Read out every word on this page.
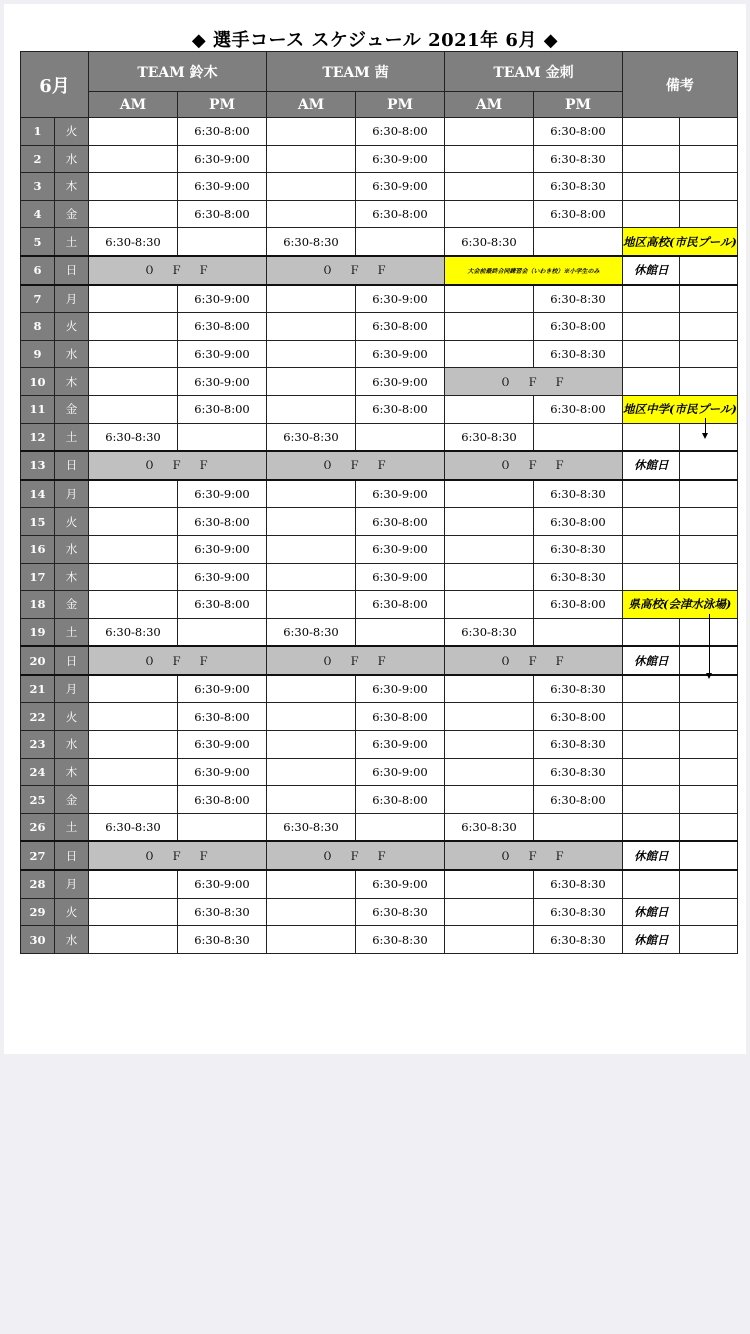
◆ 選手コース スケジュール 2021年 6月 ◆
6月		TEAM 鈴木		TEAM 茜		TEAM 金刺		備考	
		AM	PM	AM	PM	AM	PM		
1	火		6:30-8:00		6:30-8:00		6:30-8:00		
2	水		6:30-9:00		6:30-9:00		6:30-8:30		
3	木		6:30-9:00		6:30-9:00		6:30-8:30		
4	金		6:30-8:00		6:30-8:00		6:30-8:00		
5	土	6:30-8:30		6:30-8:30		6:30-8:30		地区高校(市民プール)	
6	日	０　Ｆ　Ｆ		０　Ｆ　Ｆ		大会前最終合同練習会（いわき校）※小学生のみ		休館日	
7	月		6:30-9:00		6:30-9:00		6:30-8:30		
8	火		6:30-8:00		6:30-8:00		6:30-8:00		
9	水		6:30-9:00		6:30-9:00		6:30-8:30		
10	木		6:30-9:00		6:30-9:00	０　Ｆ　Ｆ			
11	金		6:30-8:00		6:30-8:00		6:30-8:00	地区中学(市民プール)	
12	土	6:30-8:30		6:30-8:30		6:30-8:30			
13	日	０　Ｆ　Ｆ		０　Ｆ　Ｆ		０　Ｆ　Ｆ		休館日	
14	月		6:30-9:00		6:30-9:00		6:30-8:30		
15	火		6:30-8:00		6:30-8:00		6:30-8:00		
16	水		6:30-9:00		6:30-9:00		6:30-8:30		
17	木		6:30-9:00		6:30-9:00		6:30-8:30		
18	金		6:30-8:00		6:30-8:00		6:30-8:00	県高校(会津水泳場)	
19	土	6:30-8:30		6:30-8:30		6:30-8:30			
20	日	０　Ｆ　Ｆ		０　Ｆ　Ｆ		０　Ｆ　Ｆ		休館日	
21	月		6:30-9:00		6:30-9:00		6:30-8:30		
22	火		6:30-8:00		6:30-8:00		6:30-8:00		
23	水		6:30-9:00		6:30-9:00		6:30-8:30		
24	木		6:30-9:00		6:30-9:00		6:30-8:30		
25	金		6:30-8:00		6:30-8:00		6:30-8:00		
26	土	6:30-8:30		6:30-8:30		6:30-8:30			
27	日	０　Ｆ　Ｆ		０　Ｆ　Ｆ		０　Ｆ　Ｆ		休館日	
28	月		6:30-9:00		6:30-9:00		6:30-8:30		
29	火		6:30-8:30		6:30-8:30		6:30-8:30	休館日	
30	水		6:30-8:30		6:30-8:30		6:30-8:30	休館日	
